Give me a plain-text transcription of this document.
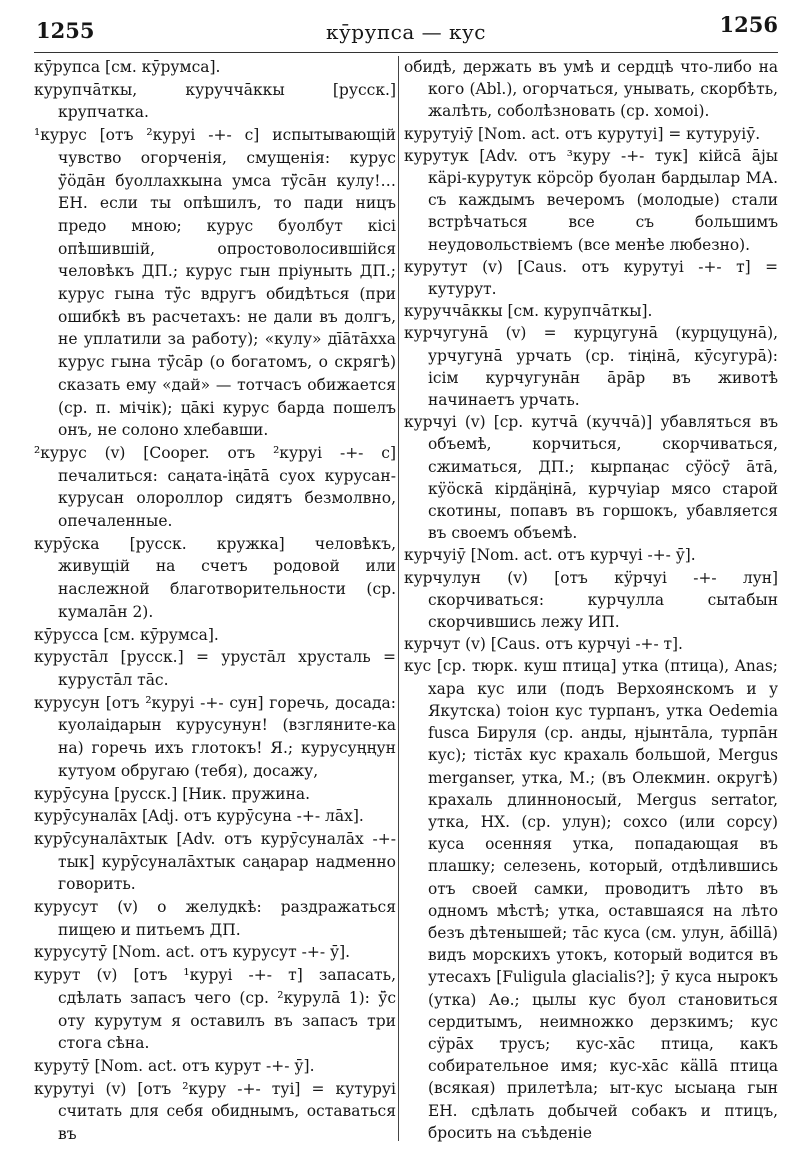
1255	кӯрупса — кус	1256

кӯрупса [см. кӯрумса].

курупчāткы, куруччāккы [русск.] крупчатка.

¹курус [отъ ²куруі -+- с] испытывающій чувство огорченія, смущенія: курус ӱ̄öдāн буоллахкына умса тӱ̄сāн кулу!… ЕН. если ты опѣшилъ, то пади ницъ предо мною; курус буолбут кісі опѣшившій, опростоволосившійся человѣкъ ДП.; курус гын пріуныть ДП.; курус гына тӱ̄с вдругъ обидѣться (при ошибкѣ въ расчетахъ: не дали въ долгъ, не уплатили за работу); «кулу» дīāтāхха курус гына тӱ̄сāр (о богатомъ, о скрягѣ) сказать ему «дай» — тотчасъ обижается (ср. п. мічік); цāкі курус барда пошелъ онъ, не солоно хлебавши.

²курус (v) [Cooper. отъ ²куруі -+- с] печалиться: саңата-іңāтā суох курусан-курусан олороллор сидятъ безмолвно, опечаленные.

курӯска [русск. кружка] человѣкъ, живущій на счетъ родовой или наслежной благотворительности (ср. кумалāн 2).

кӯрусса [см. кӯрумса].

курустāл [русск.] = урустāл хрусталь = курустāл тāс.

курусун [отъ ²куруі -+- сун] горечь, досада: куолаідарын курусунун! (взгляните-ка на) горечь ихъ глотокъ! Я.; курусуңңун кутуом обругаю (тебя), досажу,

курӯсуна [русск.] [Ник. пружина.

курӯсуналāх [Adj. отъ курӯсуна -+- лāх].

курӯсуналāхтык [Adv. отъ курӯсуналāх -+- тык] курӯсуналāхтык саңарар надменно говорить.

курусут (v) о желудкѣ: раздражаться пищею и питьемъ ДП.

курусутӯ [Nom. act. отъ курусут -+- ӯ].

курут (v) [отъ ¹куруі -+- т] запасать, сдѣлать запасъ чего (ср. ²курулā 1): ӱ̄с оту курутум я оставилъ въ запасъ три стога сѣна.

курутӯ [Nom. act. отъ курут -+- ӯ].

курутуі (v) [отъ ²куру -+- туі] = кутуруі считать для себя обиднымъ, оставаться въ

обидѣ, держать въ умѣ и сердцѣ что-либо на кого (Abl.), огорчаться, унывать, скорбѣть, жалѣть, соболѣзновать (ср. хомоі).

курутуіӯ [Nom. act. отъ курутуі] = кутуруіӯ.

курутук [Adv. отъ ³куру -+- тук] кійсā ājы кäрі-курутук кöрсöр буолан бардылар МА. съ каждымъ вечеромъ (молодые) стали встрѣчаться все съ большимъ неудовольствіемъ (все менѣе любезно).

курутут (v) [Caus. отъ курутуі -+- т] = кутурут.

куруччāккы [см. курупчāткы].

курчугунā (v) = курцугунā (курцуцунā), урчугунā урчать (ср. тіңінā, кӯсугурā): ісім курчугунāн āрāр въ животѣ начинаетъ урчать.

курчуі (v) [ср. кутчā (куччā)] убавляться въ объемѣ, корчиться, скорчиваться, сжиматься, ДП.; кырпаңас сӱ̄öсӱ̄ āтā, кӱöскā кірдäңінā, курчуіар мясо старой скотины, попавъ въ горшокъ, убавляется въ своемъ объемѣ.

курчуіӯ [Nom. act. отъ курчуі -+- ӯ].

курчулун (v) [отъ кӱрчуі -+- лун] скорчиваться: курчулла сытабын скорчившись лежу ИП.

курчут (v) [Caus. отъ курчуі -+- т].

кус [ср. тюрк. куш птица] утка (птица), Anas; хара кус или (подъ Верхоянскомъ и у Якутска) тоіон кус турпанъ, утка Oedemia fusca Бируля (ср. анды, нјынтāла, турпāн кус); тістāх кус крахаль большой, Mergus merganser, утка, М.; (въ Олекмин. округѣ) крахаль длинноносый, Mergus serrator, утка, НХ. (ср. улун); сохсо (или сорсу) куса осенняя утка, попадающая въ плашку; селезень, который, отдѣлившись отъ своей самки, проводитъ лѣто въ одномъ мѣстѣ; утка, оставшаяся на лѣто безъ дѣтенышей; тāс куса (см. улун, āбіllā) видъ морскихъ утокъ, который водится въ утесахъ [Fuligula glacialis?]; ӯ куса нырокъ (утка) Аө.; цылы кус буол становиться сердитымъ, неимножко дерзкимъ; кус сӱрāх трусъ; кус-хāс птица, какъ собирательное имя; кус-хāс кällā птица (всякая) прилетѣла; ыт-кус ысыаңа гын ЕН. сдѣлать добычей собакъ и птицъ, бросить на съѣденіе
